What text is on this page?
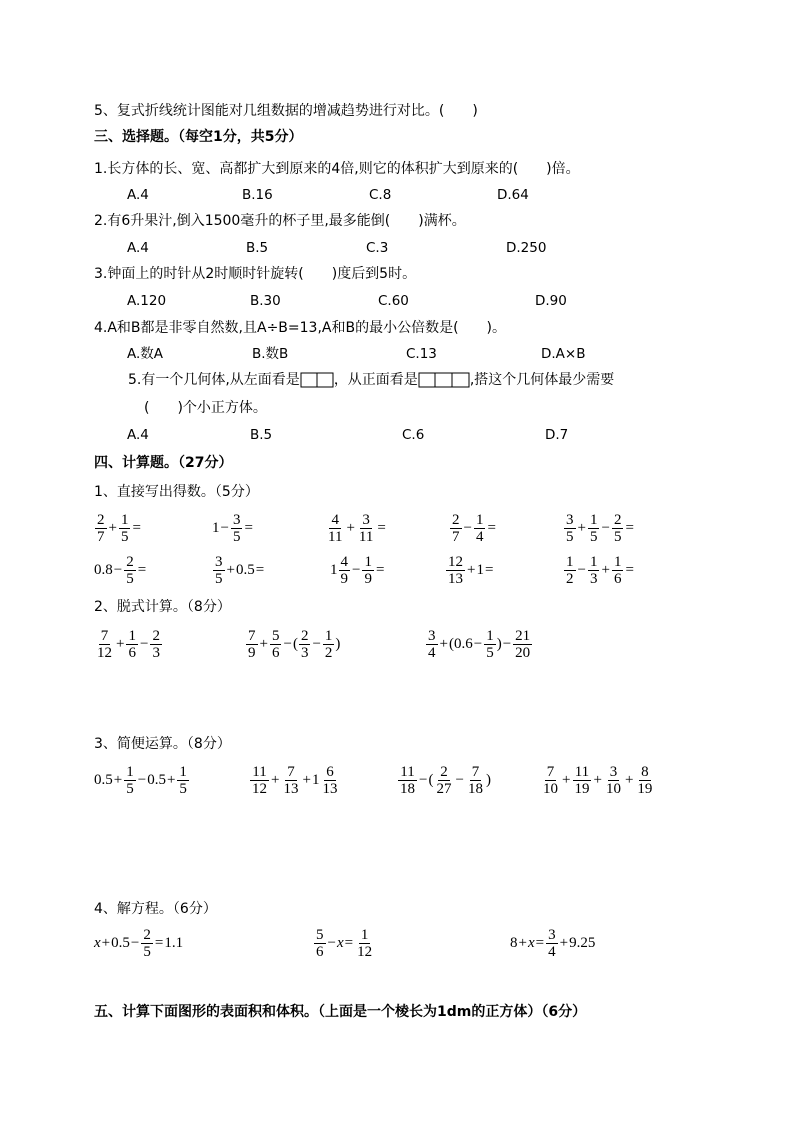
5、复式折线统计图能对几组数据的增减趋势进行对比。(　　)
三、选择题。（每空1分，共5分）
1.长方体的长、宽、高都扩大到原来的4倍,则它的体积扩大到原来的(　　)倍。
A.4	B.16	C.8	D.64
2.有6升果汁,倒入1500毫升的杯子里,最多能倒(　　)满杯。
A.4	B.5	C.3	D.250
3.钟面上的时针从2时顺时针旋转(　　)度后到5时。
A.120	B.30	C.60	D.90
4.A和B都是非零自然数,且A÷B=13,A和B的最小公倍数是(　　)。
A.数A	B.数B	C.13	D.A×B
5.有一个几何体,从左面看是 ，从正面看是	,搭这个几何体最少需要
(　　)个小正方体。
A.4	B.5	C.6	D.7
四、计算题。（27分）
1、直接写出得数。（5分）
$\frac{2}{7} + \frac{1}{5}$ =	$1 - \frac{3}{5}$ =	$\frac{4}{11} + \frac{3}{11}$ =	$\frac{2}{7} - \frac{1}{4}$ =	$\frac{3}{5} + \frac{1}{5} - \frac{2}{5}$ =
$0.8 - \frac{2}{5}$ =	$\frac{3}{5} + 0.5$ =	$1 \frac{4}{9} - \frac{1}{9}$ =	$\frac{12}{13} + 1$ =	$\frac{1}{2} - \frac{1}{3} + \frac{1}{6}$ =
2、脱式计算。（8分）
$\frac{7}{12} + \frac{1}{6} - \frac{2}{3}$	$\frac{7}{9} + \frac{5}{6}$ − ( $\frac{2}{3} - \frac{1}{2}$ )	$\frac{3}{4} + (0.6 - \frac{1}{5}$ ) − $\frac{21}{20}$
3、简便运算。（8分）
$0.5 + \frac{1}{5} - 0.5 + \frac{1}{5}$	$\frac{11}{12} + \frac{7}{13} + 1 \frac{6}{13}$	$\frac{11}{18}$ − ( $\frac{2}{27} - \frac{7}{18}$ )	$\frac{7}{10} + \frac{11}{19} + \frac{3}{10} + \frac{8}{19}$
4、解方程。（6分）
$x + 0.5 - \frac{2}{5} = 1.1$	$\frac{5}{6} - x = \frac{1}{12}$	$8 + x = \frac{3}{4} + 9.25$
五、计算下面图形的表面积和体积。（上面是一个棱长为1dm的正方体）（6分）
